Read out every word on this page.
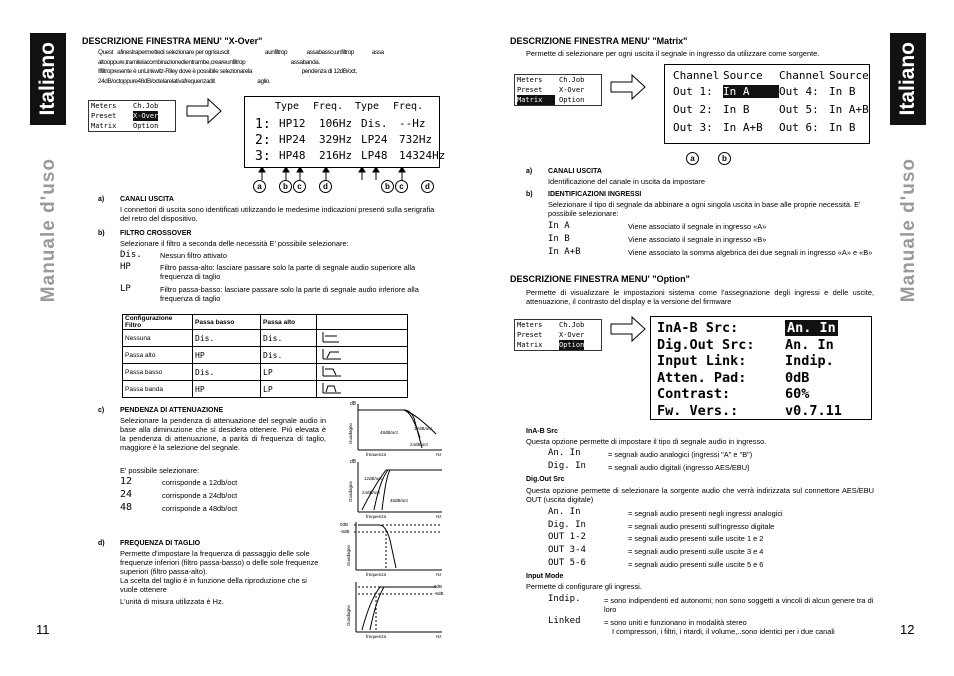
Italiano
Manuale d'uso
11
DESCRIZIONE FINESTRA MENU' "X-Over"
Quest   afinestrapermettedi selezionare per ognisuscit                          aunfiltrop              assabasso,unfiltrop             assa
altooppure,tramitelacombinazionedientrambe,creareunfiltrop                                 assabanda.
Ilfiltropresente è unLinkwitz-Riley dove è possibile selezionarela                                    pendenza di 12dB/oct,
24dB/octoppure48dB/octelarelativafrequenzadit                               aglio.
Meters	Ch.Job
Preset	X-Over
Matrix	Option
Type	Freq.	Type	Freq.
1: HP12	106Hz Dis.	--Hz
2: HP24	329Hz LP24	732Hz
3: HP48	216Hz LP48	14324Hz
a	b	c	d	b	c	d
a) CANALI USCITA
I connettori di uscita sono identificati utilizzando le medesime indicazioni presenti sulla serigrafia del retro del dispositivo.
b) FILTRO CROSSOVER
Selezionare il filtro a seconda delle necessità E' possibile selezionare:
Dis. Nessun filtro attivato
HP	Filtro passa-alto: lasciare passare solo la parte di segnale audio superiore alla frequenza di taglio
LP	Filtro passa-basso: lasciare passare solo la parte di segnale audio inferiore alla frequenza di taglio
Configurazione Filtro	Passa basso	Passa alto	
Nessuna	Dis.	Dis.	
Passa alto	HP	Dis.	
Passa basso	Dis.	LP	
Passa banda	HP	LP	
c) PENDENZA DI ATTENUAZIONE
Selezionare la pendenza di attenuazione del segnale audio in base alla diminuzione che si desidera ottenere. Più elevata è la pendenza di attenuazione, a parità di frequenza di taglio, maggiore è la selezione del segnale.
E' possibile selezionare:
12	corrisponde a 12db/oct
24	corrisponde a 24db/oct
48	corrisponde a 48db/oct
d) FREQUENZA DI TAGLIO
Permette d'impostare la frequenza di passaggio delle sole frequenze inferiori (filtro passa-basso) o delle sole frequenze superiori (filtro passa-alto).
La scelta del taglio è in funzione della riproduzione che si vuole ottenere
L'unità di misura utilizzata è Hz.
dB
Guadagno	12dB/oct
48dB/oct
24dB/oct
frequenza	Hz
dB
Guadagno
12dB/oct
24dB/oct
48dB/oct
frequenza	Hz
0dB
-6dB
Guadagno
frequenza	Hz
0dB
-6dB
Guadagno
frequenza	Hz
Italiano
Manuale d'uso
12
DESCRIZIONE FINESTRA MENU' "Matrix"
Permette di selezionare per ogni uscita il segnale in ingresso da utilizzare come sorgente.
Meters	Ch.Job
Preset	X-Over
Matrix	Option
Channel Source	Channel Source
Out 1: In A	Out 4: In B
Out 2: In B	Out 5: In A+B
Out 3: In A+B	Out 6: In B
a	b
a) CANALI USCITA
Identificazione del canale in uscita da impostare
b) IDENTIFICAZIONI INGRESSI
Selezionare il tipo di segnale da abbinare a ogni singola uscita in base alle proprie necessità. E' possibile selezionare:
In A	Viene associato il segnale in ingresso «A»
In B	Viene associato il segnale in ingresso «B»
In A+B	Viene associato la somma algebrica dei due segnali in ingresso «A» e «B»
DESCRIZIONE FINESTRA MENU' "Option"
Permette di visualizzare le impostazioni sistema come l'assegnazione degli ingressi e delle uscite, attenuazione, il contrasto del display e la versione del firmware
Meters	Ch.Job
Preset	X-Over
Matrix	Option
InA-B Src:	An. In
Dig.Out Src:	An. In
Input Link:	Indip.
Atten. Pad:	0dB
Contrast:	60%
Fw. Vers.:	v0.7.11
InA-B Src
Questa opzione permette di impostare il tipo di segnale audio in ingresso.
An. In	= segnali audio analogici (ingressi "A" e "B")
Dig. In	= segnali audio digitali (ingresso AES/EBU)
Dig.Out Src
Questa opzione permette di selezionare la sorgente audio che verrà indirizzata sul connettore AES/EBU OUT (uscita digitale)
An. In	= segnali audio presenti negli ingressi analogici
Dig. In	= segnali audio presenti sull'ingresso digitale
OUT 1-2	= segnali audio presenti sulle uscite 1 e 2
OUT 3-4	= segnali audio presenti sulle uscite 3 e 4
OUT 5-6	= segnali audio presenti sulle uscite 5 e 6
Input Mode
Permette di configurare gli ingressi.
Indip.	= sono indipendenti ed autonomi; non sono soggetti a vincoli di alcun genere tra di loro
Linked	= sono uniti e funzionano in modalità stereo
I compressori, i filtri, i ritardi, il volume,..sono identici per i due canali
